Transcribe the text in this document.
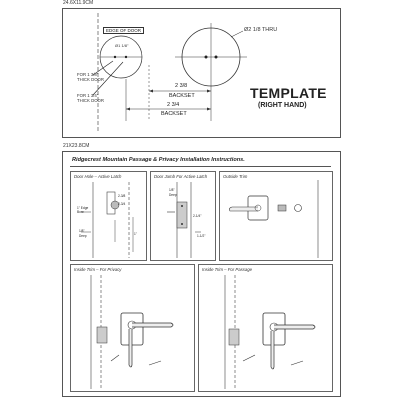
24.6X11.9CM
EDGE OF DOOR
Ø1 1/8"
Ø2 1/8 THRU
FOR 1 3/8"
THICK DOOR
FOR 1 3/4"
THICK DOOR
2 3/8
BACKSET
2 3/4
BACKSET
TEMPLATE
(RIGHT HAND)
21X23.8CM
Ridgecrest Mountain Passage & Privacy Installation Instructions.
Door Hole – Active Latch
1" Edge Bore
2-3/8
2-3/4
1/8"
Deep	1"
Door Jamb For Active Latch
1/8"
Deep
2-1/4"
1-1/2"
Outside Trim
Inside Trim – For Privacy	Inside Trim – For Passage
